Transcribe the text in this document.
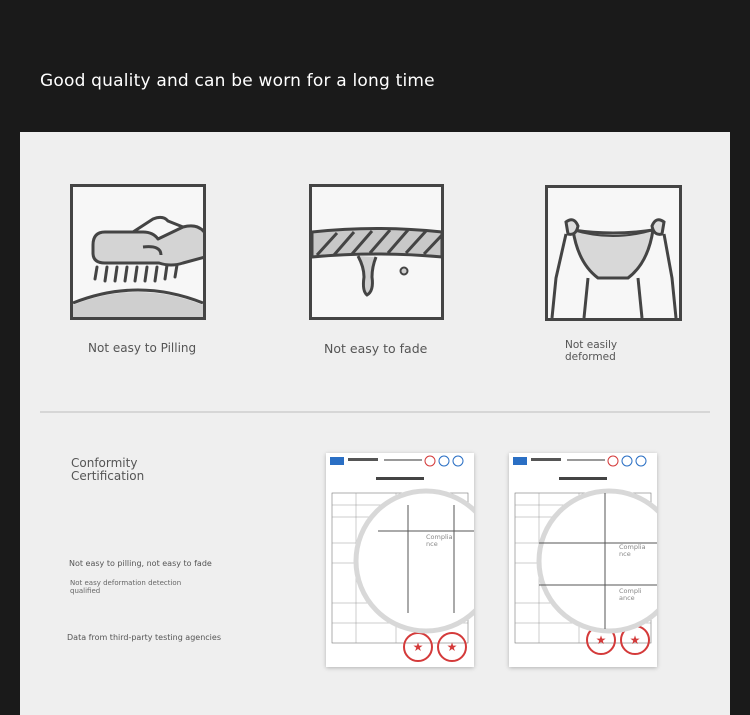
Good quality and can be worn for a long time
Not easy to Pilling	Not easy to fade	Not easily deformed
Conformity Certification
Not easy to pilling, not easy to fade
Not easy deformation detection qualified
Data from third-party testing agencies
★ ★
Complia nce
★ ★
Complia nce
Compli ance
